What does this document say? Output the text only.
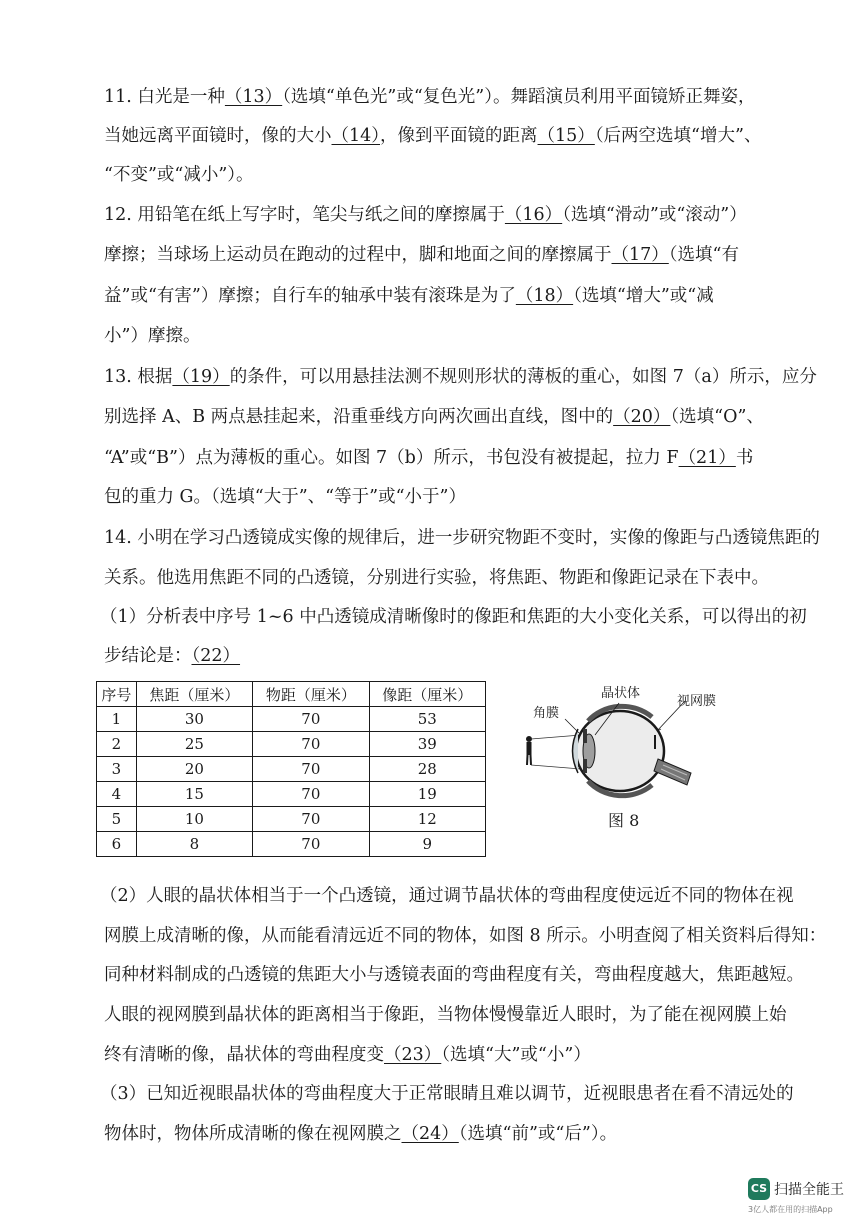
11. 白光是一种（13）（选填“单色光”或“复色光”）。舞蹈演员利用平面镜矫正舞姿，
当她远离平面镜时，像的大小（14），像到平面镜的距离（15）（后两空选填“增大”、
“不变”或“减小”）。
12. 用铅笔在纸上写字时，笔尖与纸之间的摩擦属于（16）（选填“滑动”或“滚动”）
摩擦；当球场上运动员在跑动的过程中，脚和地面之间的摩擦属于（17）（选填“有
益”或“有害”）摩擦；自行车的轴承中装有滚珠是为了（18）（选填“增大”或“减
小”）摩擦。
13. 根据（19）的条件，可以用悬挂法测不规则形状的薄板的重心，如图 7（a）所示，应分
别选择 A、B 两点悬挂起来，沿重垂线方向两次画出直线，图中的（20）（选填“O”、
“A”或“B”）点为薄板的重心。如图 7（b）所示，书包没有被提起，拉力 F（21）书
包的重力 G。（选填“大于”、“等于”或“小于”）
14. 小明在学习凸透镜成实像的规律后，进一步研究物距不变时，实像的像距与凸透镜焦距的
关系。他选用焦距不同的凸透镜，分别进行实验，将焦距、物距和像距记录在下表中。
（1）分析表中序号 1~6 中凸透镜成清晰像时的像距和焦距的大小变化关系，可以得出的初
步结论是：（22）
序号	焦距（厘米）	物距（厘米）	像距（厘米）
1	30	70	53
2	25	70	39
3	20	70	28
4	15	70	19
5	10	70	12
6	8	70	9
角膜
晶状体
视网膜
图 8
（2）人眼的晶状体相当于一个凸透镜，通过调节晶状体的弯曲程度使远近不同的物体在视
网膜上成清晰的像，从而能看清远近不同的物体，如图 8 所示。小明查阅了相关资料后得知：
同种材料制成的凸透镜的焦距大小与透镜表面的弯曲程度有关，弯曲程度越大，焦距越短。
人眼的视网膜到晶状体的距离相当于像距，当物体慢慢靠近人眼时，为了能在视网膜上始
终有清晰的像，晶状体的弯曲程度变（23）（选填“大”或“小”）
（3）已知近视眼晶状体的弯曲程度大于正常眼睛且难以调节，近视眼患者在看不清远处的
物体时，物体所成清晰的像在视网膜之（24）（选填“前”或“后”）。
CS 扫描全能王
3亿人都在用的扫描App
